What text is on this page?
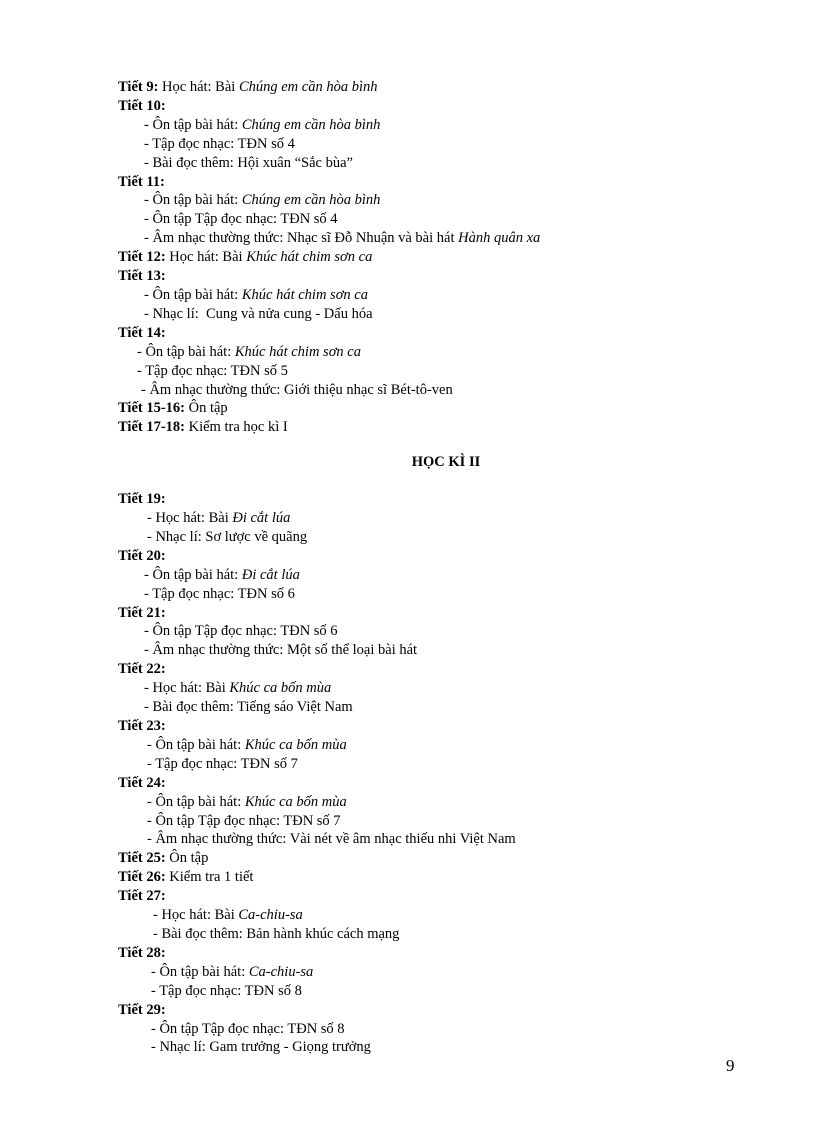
Tiết 9: Học hát: Bài Chúng em cần hòa bình
Tiết 10:
- Ôn tập bài hát: Chúng em cần hòa bình
- Tập đọc nhạc: TĐN số 4
- Bài đọc thêm: Hội xuân “Sắc bùa”
Tiết 11:
- Ôn tập bài hát: Chúng em cần hòa bình
- Ôn tập Tập đọc nhạc: TĐN số 4
- Âm nhạc thường thức: Nhạc sĩ Đỗ Nhuận và bài hát Hành quân xa
Tiết 12: Học hát: Bài Khúc hát chim sơn ca
Tiết 13:
- Ôn tập bài hát: Khúc hát chim sơn ca
- Nhạc lí:  Cung và nửa cung - Dấu hóa
Tiết 14:
- Ôn tập bài hát: Khúc hát chim sơn ca
- Tập đọc nhạc: TĐN số 5
- Âm nhạc thường thức: Giới thiệu nhạc sĩ Bét-tô-ven
Tiết 15-16: Ôn tập
Tiết 17-18: Kiểm tra học kì I
HỌC KÌ II
Tiết 19:
- Học hát: Bài Đi cắt lúa
- Nhạc lí: Sơ lược về quãng
Tiết 20:
- Ôn tập bài hát: Đi cắt lúa
- Tập đọc nhạc: TĐN số 6
Tiết 21:
- Ôn tập Tập đọc nhạc: TĐN số 6
- Âm nhạc thường thức: Một số thể loại bài hát
Tiết 22:
- Học hát: Bài Khúc ca bốn mùa
- Bài đọc thêm: Tiếng sáo Việt Nam
Tiết 23:
- Ôn tập bài hát: Khúc ca bốn mùa
- Tập đọc nhạc: TĐN số 7
Tiết 24:
- Ôn tập bài hát: Khúc ca bốn mùa
- Ôn tập Tập đọc nhạc: TĐN số 7
- Âm nhạc thường thức: Vài nét về âm nhạc thiếu nhi Việt Nam
Tiết 25: Ôn tập
Tiết 26: Kiểm tra 1 tiết
Tiết 27:
- Học hát: Bài Ca-chiu-sa
- Bài đọc thêm: Bản hành khúc cách mạng
Tiết 28:
- Ôn tập bài hát: Ca-chiu-sa
- Tập đọc nhạc: TĐN số 8
Tiết 29:
- Ôn tập Tập đọc nhạc: TĐN số 8
- Nhạc lí: Gam trưởng - Giọng trưởng
9
